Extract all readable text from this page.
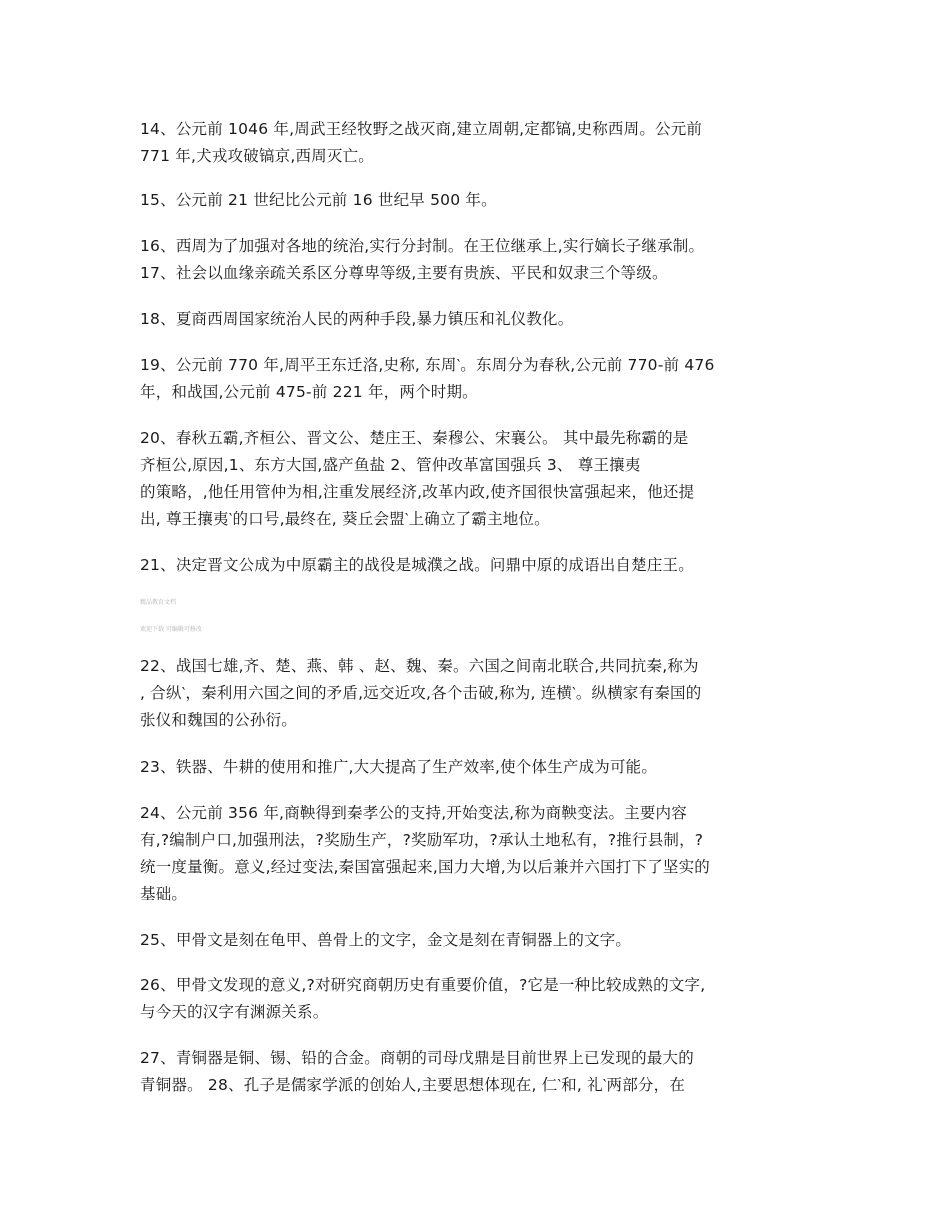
14、公元前 1046 年,周武王经牧野之战灭商,建立周朝,定都镐,史称西周。公元前
771 年,犬戎攻破镐京,西周灭亡。
15、公元前 21 世纪比公元前 16 世纪早 500 年。
16、西周为了加强对各地的统治,实行分封制。在王位继承上,实行嫡长子继承制。
17、社会以血缘亲疏关系区分尊卑等级,主要有贵族、平民和奴隶三个等级。
18、夏商西周国家统治人民的两种手段,暴力镇压和礼仪教化。
19、公元前 770 年,周平王东迁洛,史称, 东周‵。东周分为春秋,公元前 770-前 476
年，和战国,公元前 475-前 221 年，两个时期。
20、春秋五霸,齐桓公、晋文公、楚庄王、秦穆公、宋襄公。 其中最先称霸的是
齐桓公,原因,1、东方大国,盛产鱼盐 2、管仲改革富国强兵 3、 尊王攘夷
的策略，,他任用管仲为相,注重发展经济,改革内政,使齐国很快富强起来，他还提
出, 尊王攘夷‵的口号,最终在, 葵丘会盟‵上确立了霸主地位。
21、决定晋文公成为中原霸主的战役是城濮之战。问鼎中原的成语出自楚庄王。
精品教育文档
欢迎下载 可编辑可修改
22、战国七雄,齐、楚、燕、韩 、赵、魏、秦。六国之间南北联合,共同抗秦,称为
, 合纵‵，秦利用六国之间的矛盾,远交近攻,各个击破,称为, 连横‵。纵横家有秦国的
张仪和魏国的公孙衍。
23、铁器、牛耕的使用和推广,大大提高了生产效率,使个体生产成为可能。
24、公元前 356 年,商鞅得到秦孝公的支持,开始变法,称为商鞅变法。主要内容
有,?编制户口,加强刑法，?奖励生产，?奖励军功，?承认土地私有，?推行县制，?
统一度量衡。意义,经过变法,秦国富强起来,国力大增,为以后兼并六国打下了坚实的
基础。
25、甲骨文是刻在龟甲、兽骨上的文字，金文是刻在青铜器上的文字。
26、甲骨文发现的意义,?对研究商朝历史有重要价值，?它是一种比较成熟的文字,
与今天的汉字有渊源关系。
27、青铜器是铜、锡、铅的合金。商朝的司母戊鼎是目前世界上已发现的最大的
青铜器。 28、孔子是儒家学派的创始人,主要思想体现在, 仁‵和, 礼‵两部分，在
